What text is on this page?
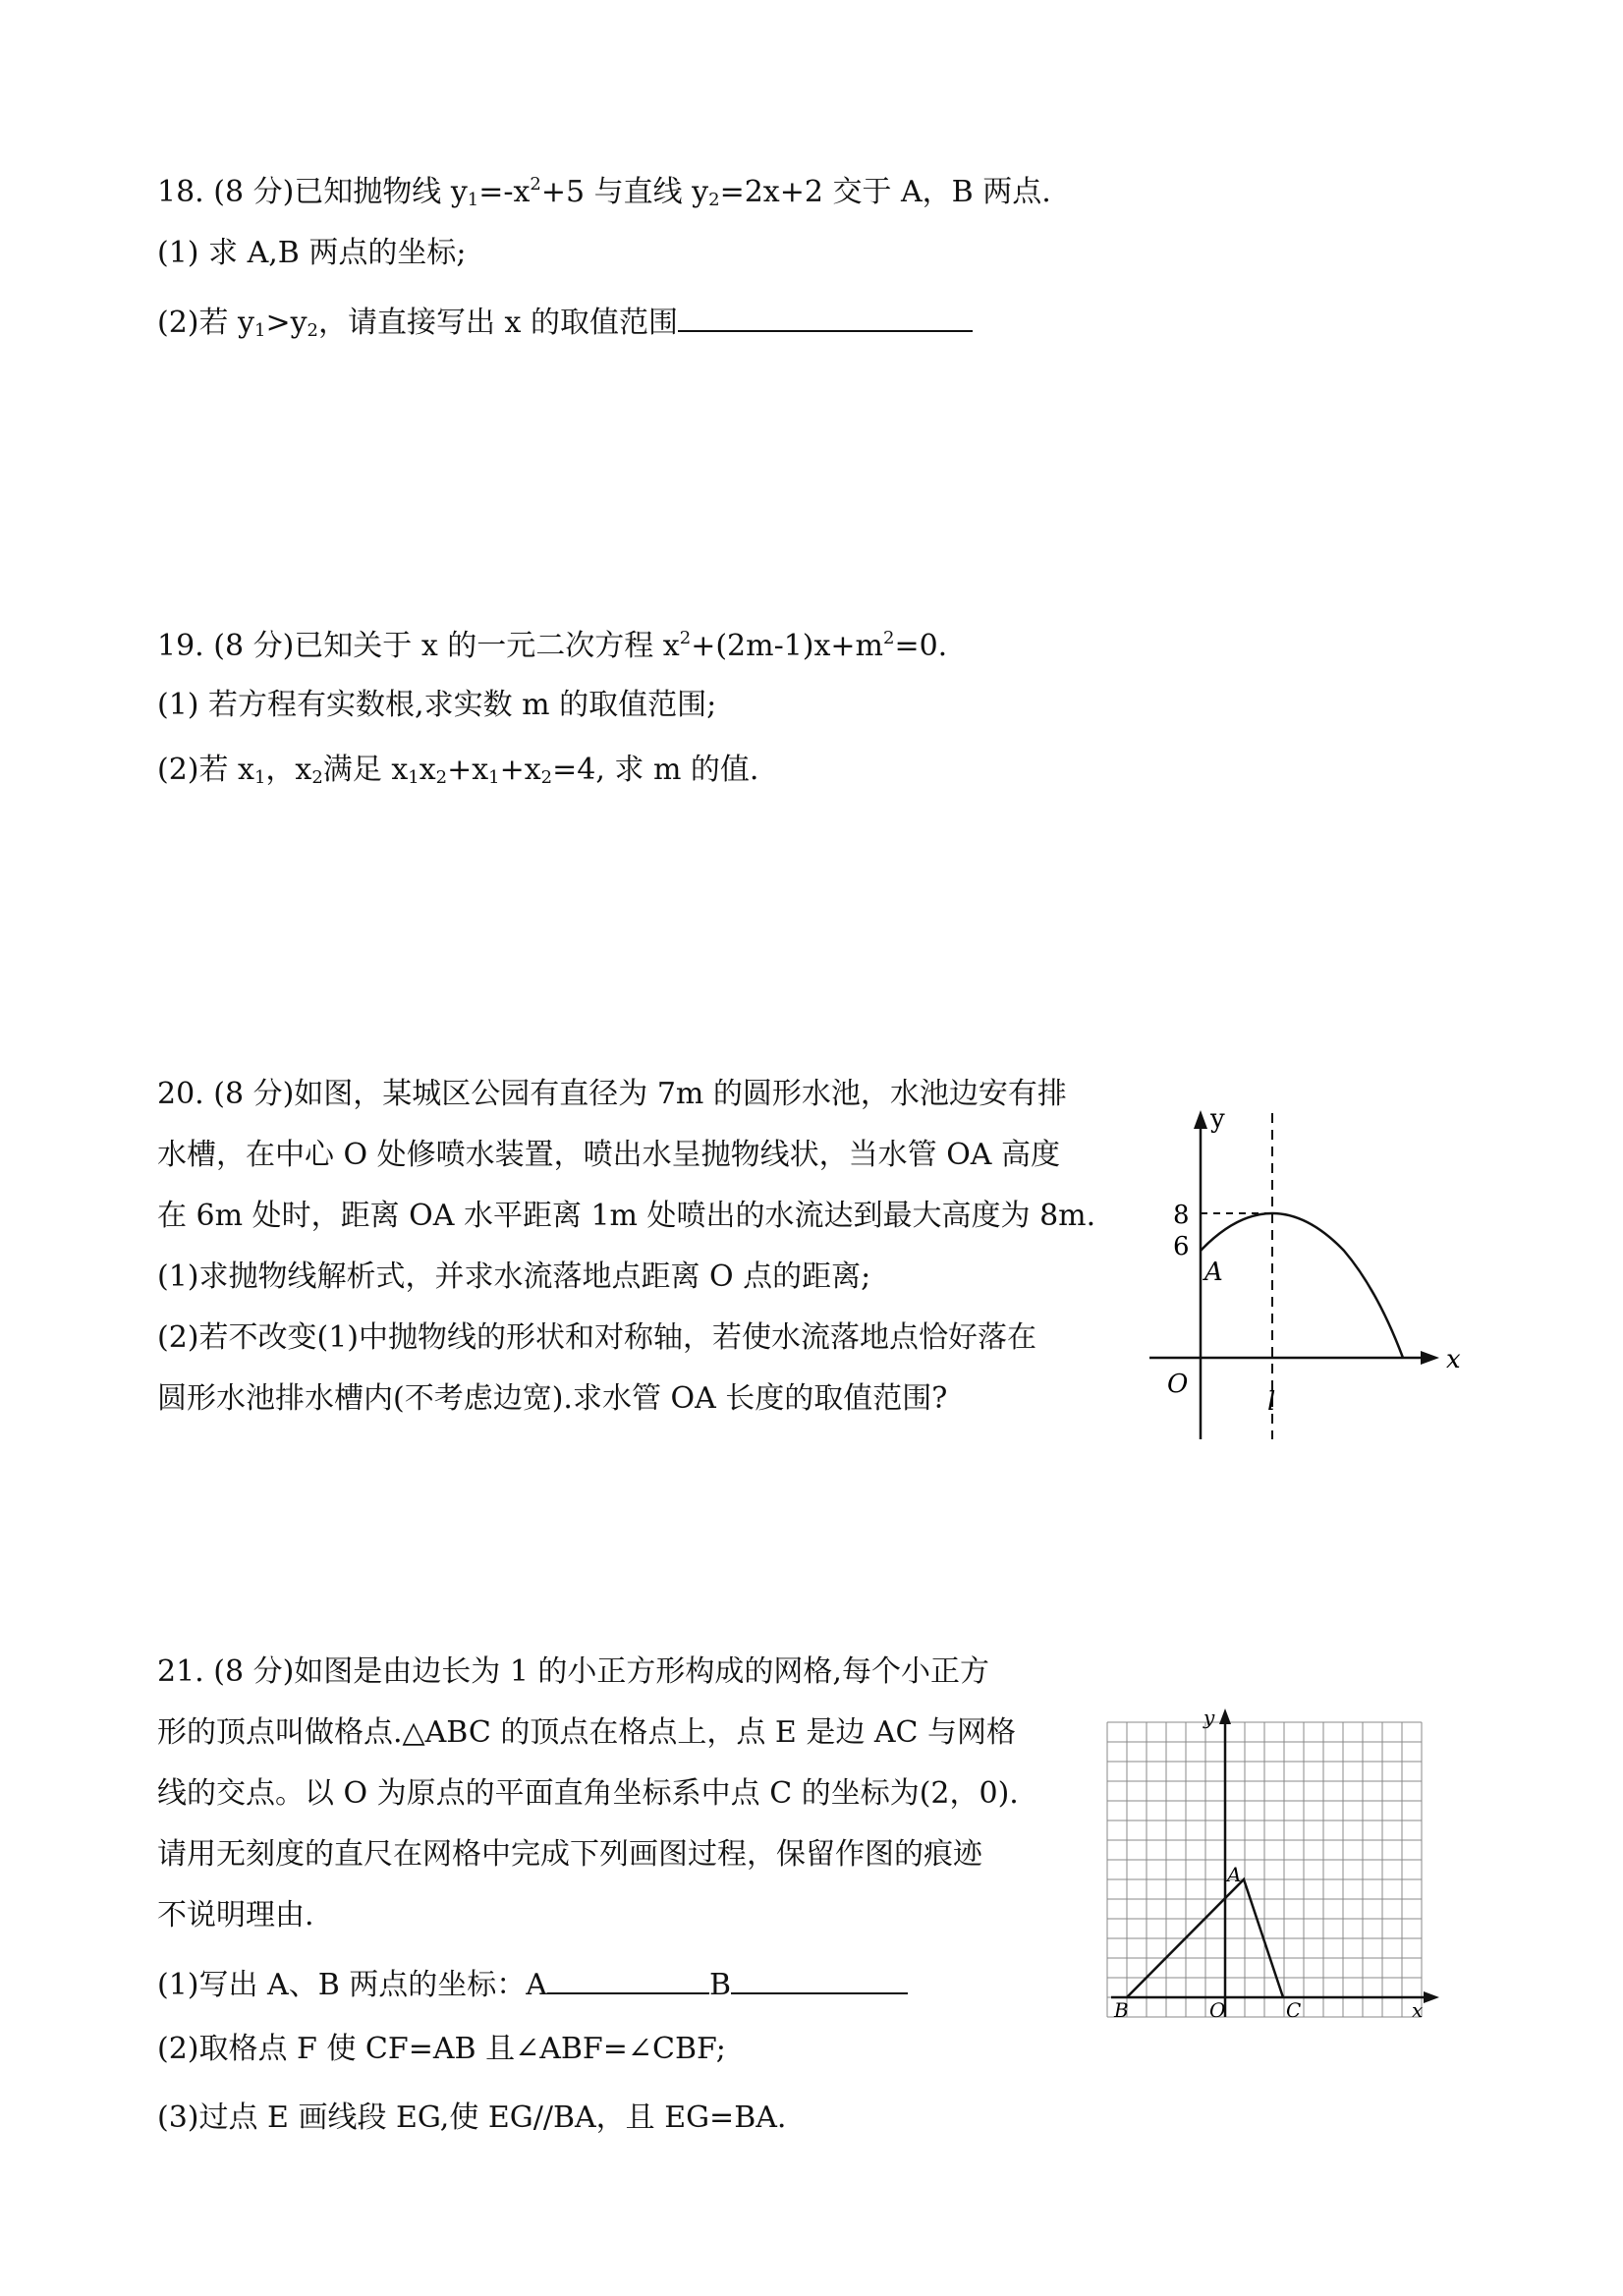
18. (8 分)已知抛物线 $y_1=-x^2+5$ 与直线 $y_2=2x+2$ 交于 A，B 两点.
(1) 求 A,B 两点的坐标;
(2)若 $y_1>y_2$，请直接写出 x 的取值范围
19. (8 分)已知关于 x 的一元二次方程 $x^2+(2m-1)x+m^2=0$.
(1) 若方程有实数根,求实数 m 的取值范围;
(2)若 $x_1$，$x_2$满足 $x_1x_2+x_1+x_2=4$, 求 m 的值.
20. (8 分)如图，某城区公园有直径为 7m 的圆形水池，水池边安有排
水槽，在中心 O 处修喷水装置，喷出水呈抛物线状，当水管 OA 高度
在 6m 处时，距离 OA 水平距离 1m 处喷出的水流达到最大高度为 8m.
(1)求抛物线解析式，并求水流落地点距离 O 点的距离;
(2)若不改变(1)中抛物线的形状和对称轴，若使水流落地点恰好落在
圆形水池排水槽内(不考虑边宽).求水管 OA 长度的取值范围?
y
x
8
6
A
O
l
21. (8 分)如图是由边长为 1 的小正方形构成的网格,每个小正方
形的顶点叫做格点.△ABC 的顶点在格点上，点 E 是边 AC 与网格
线的交点。以 O 为原点的平面直角坐标系中点 C 的坐标为(2，0).
请用无刻度的直尺在网格中完成下列画图过程，保留作图的痕迹
不说明理由.
(1)写出 A、B 两点的坐标：A	B
(2)取格点 F 使 CF=AB 且∠ABF=∠CBF;
(3)过点 E 画线段 EG,使 EG//BA，且 EG=BA.
y
x
A
B	O	C
